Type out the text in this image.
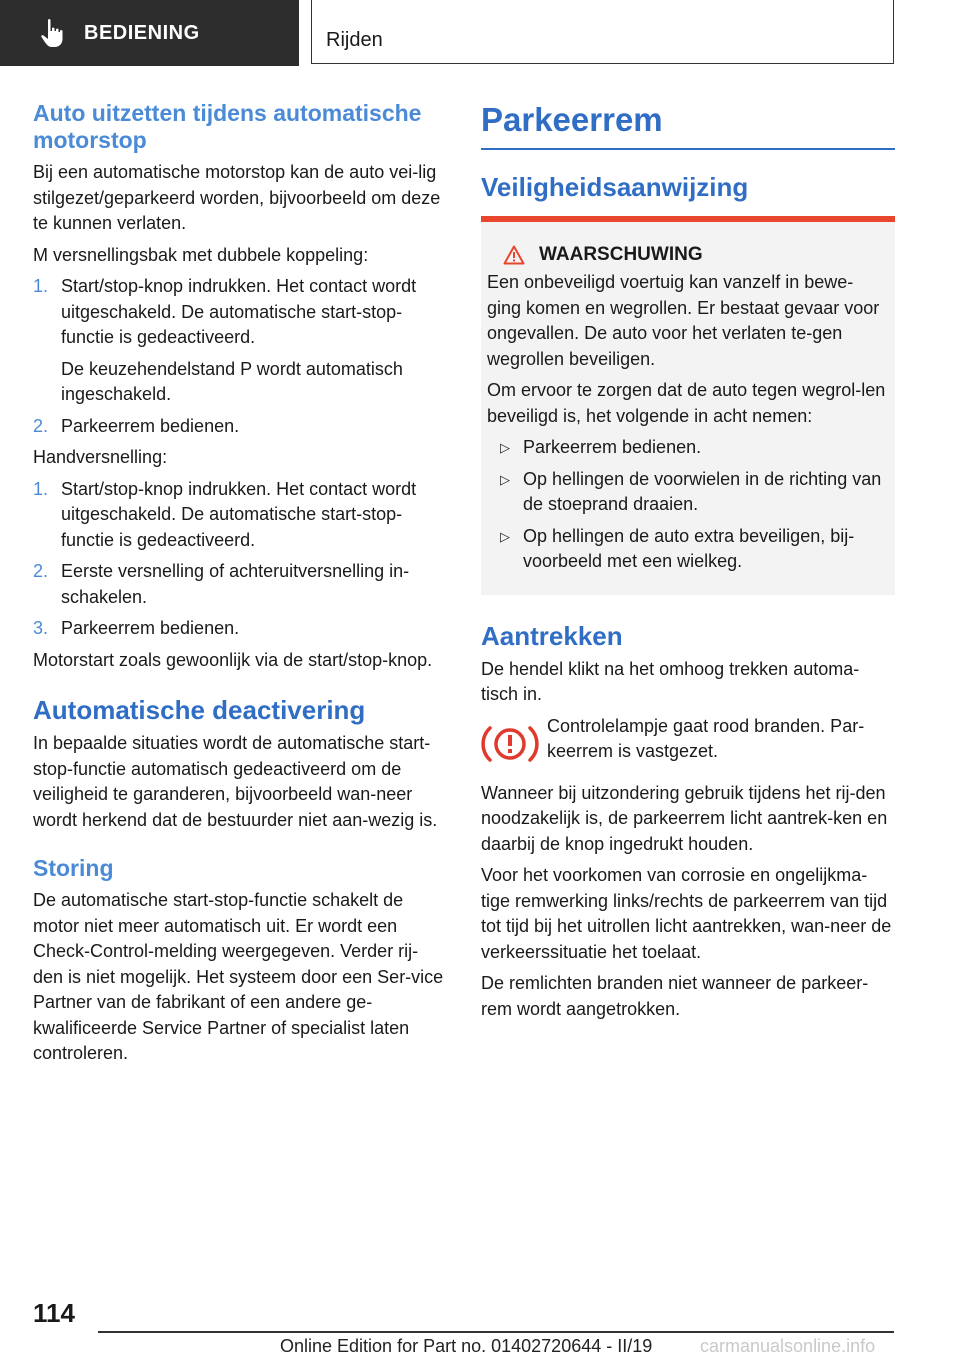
BEDIENING	Rijden
Auto uitzetten tijdens automatische motorstop

Bij een automatische motorstop kan de auto vei-lig stilgezet/geparkeerd worden, bijvoorbeeld om deze te kunnen verlaten.

M versnellingsbak met dubbele koppeling:

1. Start/stop-knop indrukken. Het contact wordt uitgeschakeld. De automatische start-stop-functie is gedeactiveerd.
De keuzehendelstand P wordt automatisch ingeschakeld.
2. Parkeerrem bedienen.

Handversnelling:

1. Start/stop-knop indrukken. Het contact wordt uitgeschakeld. De automatische start-stop-functie is gedeactiveerd.
2. Eerste versnelling of achteruitversnelling in-schakelen.
3. Parkeerrem bedienen.

Motorstart zoals gewoonlijk via de start/stop-knop.

Automatische deactivering

In bepaalde situaties wordt de automatische start-stop-functie automatisch gedeactiveerd om de veiligheid te garanderen, bijvoorbeeld wan-neer wordt herkend dat de bestuurder niet aan-wezig is.

Storing

De automatische start-stop-functie schakelt de motor niet meer automatisch uit. Er wordt een Check-Control-melding weergegeven. Verder rij-den is niet mogelijk. Het systeem door een Ser-vice Partner van de fabrikant of een andere ge-kwalificeerde Service Partner of specialist laten controleren.

Parkeerrem
Veiligheidsaanwijzing
WAARSCHUWING

Een onbeveiligd voertuig kan vanzelf in bewe-ging komen en wegrollen. Er bestaat gevaar voor ongevallen. De auto voor het verlaten te-gen wegrollen beveiligen.

Om ervoor te zorgen dat de auto tegen wegrol-len beveiligd is, het volgende in acht nemen:

▷ Parkeerrem bedienen.
▷ Op hellingen de voorwielen in de richting van de stoeprand draaien.
▷ Op hellingen de auto extra beveiligen, bij-voorbeeld met een wielkeg.
Aantrekken

De hendel klikt na het omhoog trekken automa-tisch in.

Controlelampje gaat rood branden. Par-keerrem is vastgezet.

Wanneer bij uitzondering gebruik tijdens het rij-den noodzakelijk is, de parkeerrem licht aantrek-ken en daarbij de knop ingedrukt houden.

Voor het voorkomen van corrosie en ongelijkma-tige remwerking links/rechts de parkeerrem van tijd tot tijd bij het uitrollen licht aantrekken, wan-neer de verkeerssituatie het toelaat.

De remlichten branden niet wanneer de parkeer-rem wordt aangetrokken.

114
Online Edition for Part no. 01402720644 - II/19	carmanualsonline.info
